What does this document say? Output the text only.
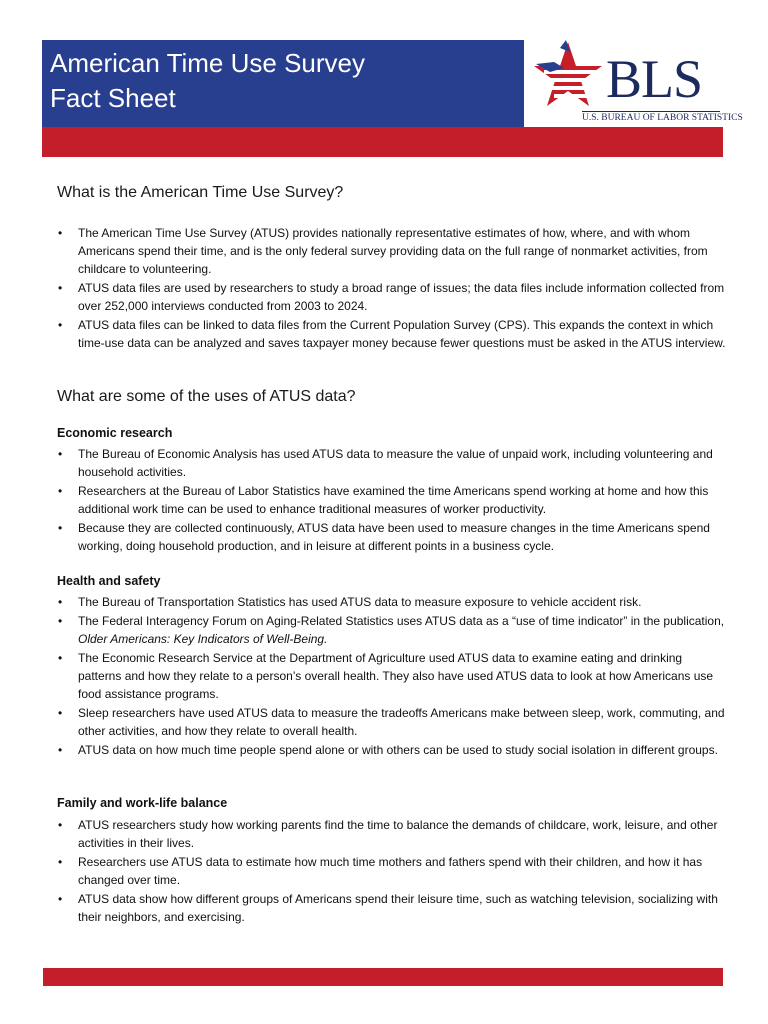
American Time Use Survey
Fact Sheet	BLS
U.S. BUREAU OF LABOR STATISTICS
What is the American Time Use Survey?
• The American Time Use Survey (ATUS) provides nationally representative estimates of how, where, and with whom Americans spend their time, and is the only federal survey providing data on the full range of nonmarket activities, from childcare to volunteering.
• ATUS data files are used by researchers to study a broad range of issues; the data files include information collected from over 252,000 interviews conducted from 2003 to 2024.
• ATUS data files can be linked to data files from the Current Population Survey (CPS). This expands the context in which time-use data can be analyzed and saves taxpayer money because fewer questions must be asked in the ATUS interview.
What are some of the uses of ATUS data?
Economic research
• The Bureau of Economic Analysis has used ATUS data to measure the value of unpaid work, including volunteering and household activities.
• Researchers at the Bureau of Labor Statistics have examined the time Americans spend working at home and how this additional work time can be used to enhance traditional measures of worker productivity.
• Because they are collected continuously, ATUS data have been used to measure changes in the time Americans spend working, doing household production, and in leisure at different points in a business cycle.
Health and safety
• The Bureau of Transportation Statistics has used ATUS data to measure exposure to vehicle accident risk.
• The Federal Interagency Forum on Aging-Related Statistics uses ATUS data as a “use of time indicator” in the publication, Older Americans: Key Indicators of Well-Being.
• The Economic Research Service at the Department of Agriculture used ATUS data to examine eating and drinking patterns and how they relate to a person’s overall health. They also have used ATUS data to look at how Americans use food assistance programs.
• Sleep researchers have used ATUS data to measure the tradeoffs Americans make between sleep, work, commuting, and other activities, and how they relate to overall health.
• ATUS data on how much time people spend alone or with others can be used to study social isolation in different groups.
Family and work-life balance
• ATUS researchers study how working parents find the time to balance the demands of childcare, work, leisure, and other activities in their lives.
• Researchers use ATUS data to estimate how much time mothers and fathers spend with their children, and how it has changed over time.
• ATUS data show how different groups of Americans spend their leisure time, such as watching television, socializing with their neighbors, and exercising.
